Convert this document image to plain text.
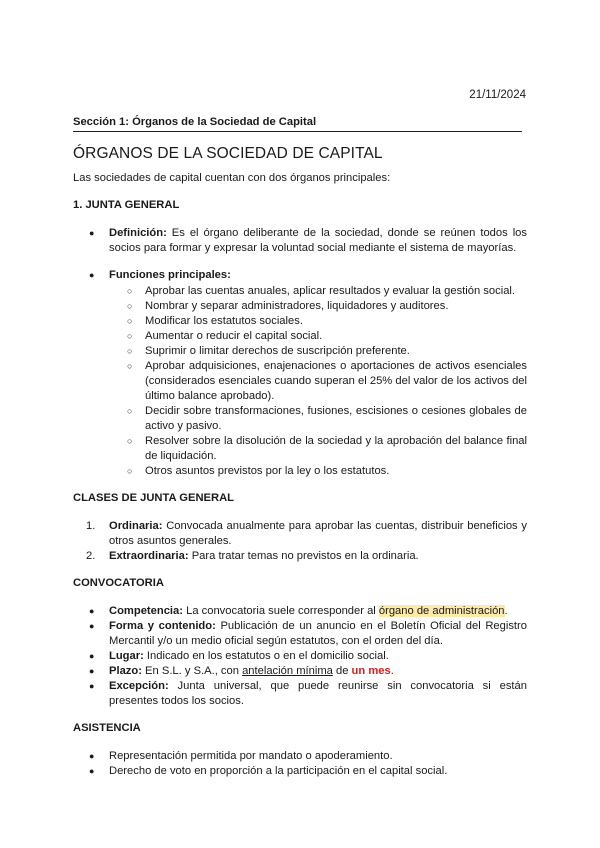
21/11/2024
Sección 1: Órganos de la Sociedad de Capital
ÓRGANOS DE LA SOCIEDAD DE CAPITAL

Las sociedades de capital cuentan con dos órganos principales:

1. JUNTA GENERAL
● Definición: Es el órgano deliberante de la sociedad, donde se reúnen todos los socios para formar y expresar la voluntad social mediante el sistema de mayorías.
● Funciones principales:
○ Aprobar las cuentas anuales, aplicar resultados y evaluar la gestión social.
○ Nombrar y separar administradores, liquidadores y auditores.
○ Modificar los estatutos sociales.
○ Aumentar o reducir el capital social.
○ Suprimir o limitar derechos de suscripción preferente.
○ Aprobar adquisiciones, enajenaciones o aportaciones de activos esenciales (considerados esenciales cuando superan el 25% del valor de los activos del último balance aprobado).
○ Decidir sobre transformaciones, fusiones, escisiones o cesiones globales de activo y pasivo.
○ Resolver sobre la disolución de la sociedad y la aprobación del balance final de liquidación.
○ Otros asuntos previstos por la ley o los estatutos.
CLASES DE JUNTA GENERAL
1. Ordinaria: Convocada anualmente para aprobar las cuentas, distribuir beneficios y otros asuntos generales.
2. Extraordinaria: Para tratar temas no previstos en la ordinaria.
CONVOCATORIA
● Competencia: La convocatoria suele corresponder al órgano de administración.
● Forma y contenido: Publicación de un anuncio en el Boletín Oficial del Registro Mercantil y/o un medio oficial según estatutos, con el orden del día.
● Lugar: Indicado en los estatutos o en el domicilio social.
● Plazo: En S.L. y S.A., con antelación mínima de un mes.
● Excepción: Junta universal, que puede reunirse sin convocatoria si están presentes todos los socios.
ASISTENCIA
● Representación permitida por mandato o apoderamiento.
● Derecho de voto en proporción a la participación en el capital social.
